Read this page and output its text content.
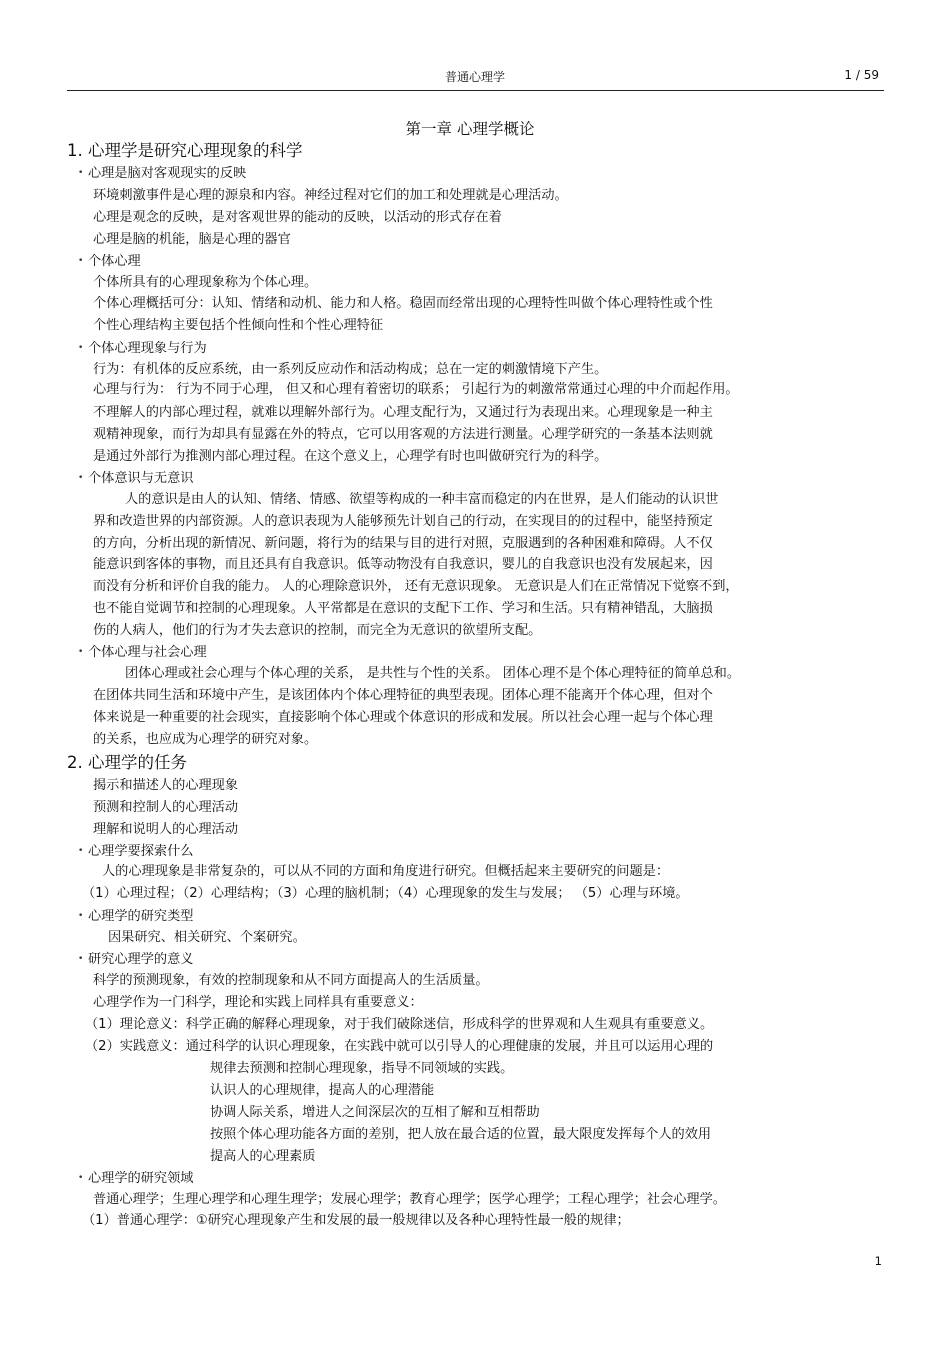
普通心理学	1 / 59
第一章 心理学概论
1. 心理学是研究心理现象的科学
• 心理是脑对客观现实的反映
环境刺激事件是心理的源泉和内容。神经过程对它们的加工和处理就是心理活动。
心理是观念的反映，是对客观世界的能动的反映，以活动的形式存在着
心理是脑的机能，脑是心理的器官
• 个体心理
个体所具有的心理现象称为个体心理。
个体心理概括可分：认知、情绪和动机、能力和人格。稳固而经常出现的心理特性叫做个体心理特性或个性
个性心理结构主要包括个性倾向性和个性心理特征
• 个体心理现象与行为
行为：有机体的反应系统，由一系列反应动作和活动构成；总在一定的刺激情境下产生。
心理与行为： 行为不同于心理， 但又和心理有着密切的联系； 引起行为的刺激常常通过心理的中介而起作用。
不理解人的内部心理过程，就难以理解外部行为。心理支配行为，又通过行为表现出来。心理现象是一种主
观精神现象，而行为却具有显露在外的特点，它可以用客观的方法进行测量。心理学研究的一条基本法则就
是通过外部行为推测内部心理过程。在这个意义上，心理学有时也叫做研究行为的科学。
• 个体意识与无意识
人的意识是由人的认知、情绪、情感、欲望等构成的一种丰富而稳定的内在世界，是人们能动的认识世
界和改造世界的内部资源。人的意识表现为人能够预先计划自己的行动，在实现目的的过程中，能坚持预定
的方向，分析出现的新情况、新问题，将行为的结果与目的进行对照，克服遇到的各种困难和障碍。人不仅
能意识到客体的事物，而且还具有自我意识。低等动物没有自我意识，婴儿的自我意识也没有发展起来，因
而没有分析和评价自我的能力。 人的心理除意识外， 还有无意识现象。 无意识是人们在正常情况下觉察不到，
也不能自觉调节和控制的心理现象。人平常都是在意识的支配下工作、学习和生活。只有精神错乱，大脑损
伤的人病人，他们的行为才失去意识的控制，而完全为无意识的欲望所支配。
• 个体心理与社会心理
团体心理或社会心理与个体心理的关系， 是共性与个性的关系。 团体心理不是个体心理特征的简单总和。
在团体共同生活和环境中产生，是该团体内个体心理特征的典型表现。团体心理不能离开个体心理，但对个
体来说是一种重要的社会现实，直接影响个体心理或个体意识的形成和发展。所以社会心理一起与个体心理
的关系，也应成为心理学的研究对象。
2. 心理学的任务
揭示和描述人的心理现象
预测和控制人的心理活动
理解和说明人的心理活动
• 心理学要探索什么
人的心理现象是非常复杂的，可以从不同的方面和角度进行研究。但概括起来主要研究的问题是：
（1）心理过程；（2）心理结构；（3）心理的脑机制；（4）心理现象的发生与发展； （5）心理与环境。
• 心理学的研究类型
因果研究、相关研究、个案研究。
• 研究心理学的意义
科学的预测现象，有效的控制现象和从不同方面提高人的生活质量。
心理学作为一门科学，理论和实践上同样具有重要意义：
（1）理论意义：科学正确的解释心理现象，对于我们破除迷信，形成科学的世界观和人生观具有重要意义。
（2）实践意义：通过科学的认识心理现象，在实践中就可以引导人的心理健康的发展，并且可以运用心理的
规律去预测和控制心理现象，指导不同领域的实践。
认识人的心理规律，提高人的心理潜能
协调人际关系，增进人之间深层次的互相了解和互相帮助
按照个体心理功能各方面的差别，把人放在最合适的位置，最大限度发挥每个人的效用
提高人的心理素质
• 心理学的研究领域
普通心理学；生理心理学和心理生理学；发展心理学；教育心理学；医学心理学；工程心理学；社会心理学。
（1）普通心理学：①研究心理现象产生和发展的最一般规律以及各种心理特性最一般的规律；
1
